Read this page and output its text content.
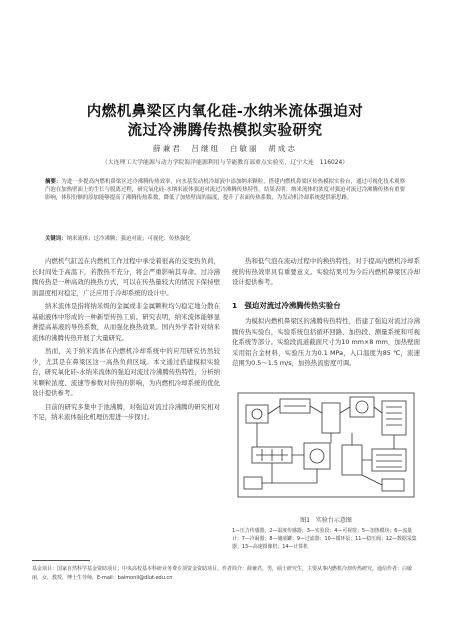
内燃机鼻梁区内氧化硅-水纳米流体强迫对
流过冷沸腾传热模拟实验研究
薛兼君　吕继组　白敏丽　胡成志
（大连理工大学能源与动力学院海洋能源利用与节能教育部重点实验室，辽宁大连　116024）
摘要：为进一步提高内燃机鼻梁区过冷沸腾传热效率，向水基发动机冷却液中添加纳米颗粒，搭建内燃机鼻梁区传热模拟实验台，通过可视化技术观察汽泡在加热壁面上的生长与脱离过程，研究氧化硅-水纳米流体强迫对流过冷沸腾传热特性。结果表明：纳米流体的浓度对强迫对流过冷沸腾传热有重要影响，体积份额的添加能够提高了沸腾传热系数，降低了加热壁面的温度，提升了表面传热系数，为发动机冷却系统提供新思路。
关键词：纳米流体；过冷沸腾；强迫对流；可视化；传热强化

内燃机气缸盖在内燃机工作过程中承受着很高的交变热负荷，长时间处于高温下，若散热不充分，将会严重影响其寿命。过冷沸腾传热是一种高效的换热方式，可以在传热量较大的情况下保持壁面温度相对稳定，广泛应用于冷却系统的设计中。

纳米流体是指将纳米级的金属或非金属颗粒均匀稳定地分散在基础液体中形成的一种新型传热工质。研究表明，纳米流体能够显著提高基液的导热系数，从而强化换热效果。国内外学者针对纳米流体的沸腾传热开展了大量研究。

然而，关于纳米流体在内燃机冷却系统中的应用研究仍然较少，尤其是在鼻梁区这一高热负荷区域。本文通过搭建模拟实验台，研究氧化硅-水纳米流体的强迫对流过冷沸腾传热特性，分析纳米颗粒浓度、流速等参数对传热的影响，为内燃机冷却系统的优化设计提供参考。

目前的研究多集中于池沸腾，对强迫对流过冷沸腾的研究相对不足，纳米流体强化机理仍需进一步探讨。

热和低气泡在流动过程中的换热特性，对于提高内燃机冷却系统的传热效率具有重要意义。实验结果可为今后内燃机鼻梁区冷却设计提供参考。

1　强迫对流过冷沸腾传热实验台

为模拟内燃机鼻梁区的沸腾传热特性，搭建了强迫对流过冷沸腾传热实验台，实验系统包括循环回路、加热段、测量系统和可视化系统等部分。实验段流道截面尺寸为10 mm×8 mm，加热壁面采用铝合金材料，实验压力为0.1 MPa，入口温度为85 ℃，流速范围为0.5～1.5 m/s，加热热流密度可调。

图1　实验台示意图
1—压力传感器；2—温度传感器；3—实验段；4—可视窗；5—加热模块；6—流量计；7—冷凝器；8—储液罐；9—过滤器；10—循环泵；11—稳压阀；12—数据采集器；13—高速摄像机；14—计算机
基金项目：国家自然科学基金资助项目；中央高校基本科研业务费专项资金资助项目。作者简介：薛兼君，男，硕士研究生，主要从事内燃机冷却传热研究。通信作者：白敏丽，女，教授，博士生导师，E-mail：baimonli@dlut.edu.cn
